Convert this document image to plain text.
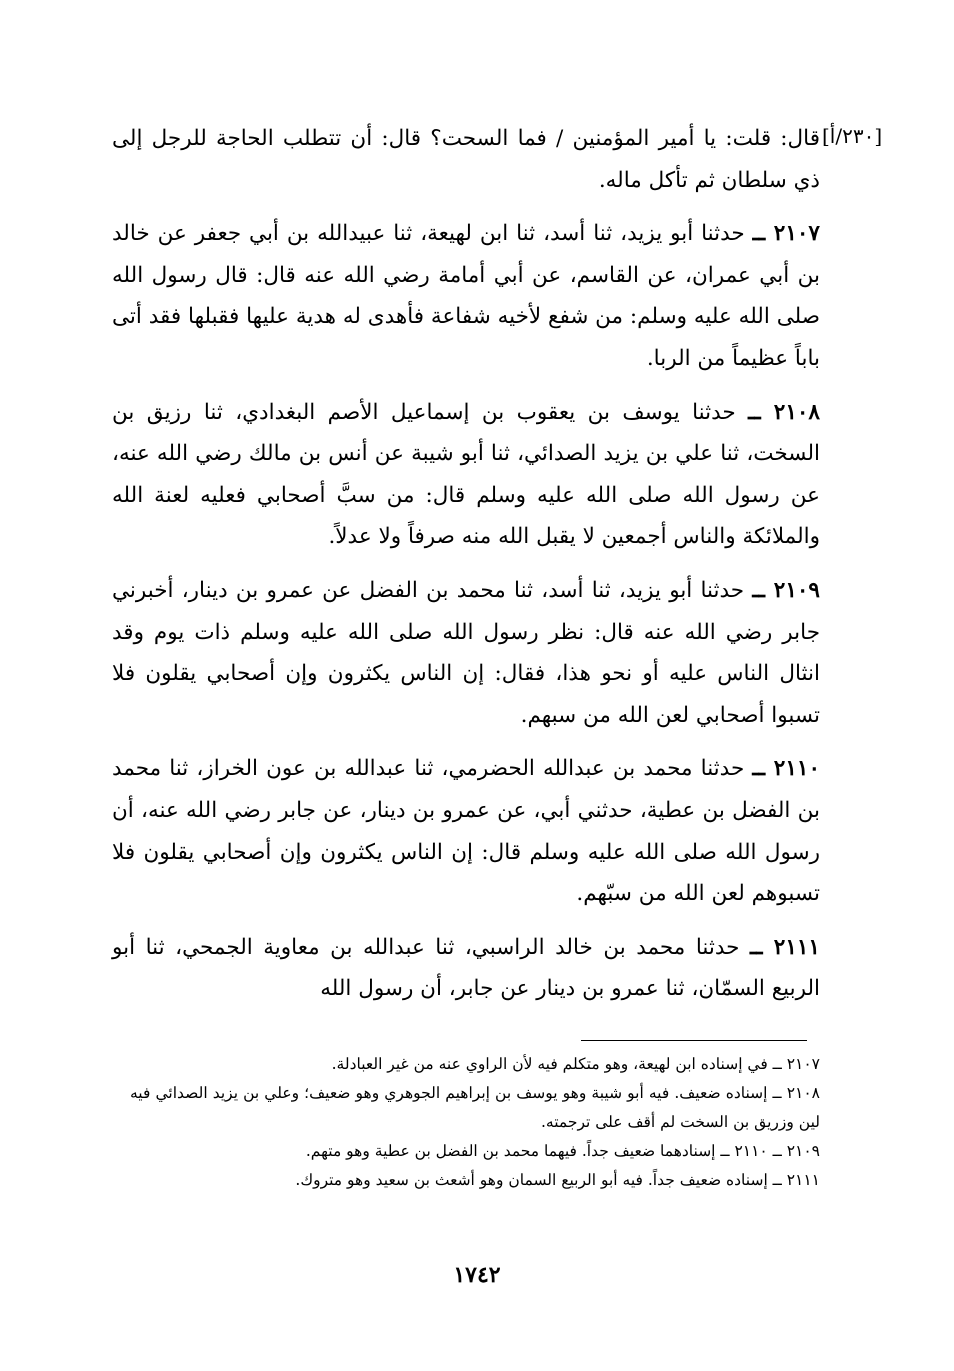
[٢٣٠/أ]

قال: قلت: يا أمير المؤمنين / فما السحت؟ قال: أن تتطلب الحاجة للرجل إلى ذي سلطان ثم تأكل ماله.

٢١٠٧ ــ حدثنا أبو يزيد، ثنا أسد، ثنا ابن لهيعة، ثنا عبيدالله بن أبي جعفر عن خالد بن أبي عمران، عن القاسم، عن أبي أمامة رضي الله عنه قال: قال رسول الله صلى الله عليه وسلم: من شفع لأخيه شفاعة فأهدى له هدية عليها فقبلها فقد أتى باباً عظيماً من الربا.

٢١٠٨ ــ حدثنا يوسف بن يعقوب بن إسماعيل الأصم البغدادي، ثنا رزيق بن السخت، ثنا علي بن يزيد الصدائي، ثنا أبو شيبة عن أنس بن مالك رضي الله عنه، عن رسول الله صلى الله عليه وسلم قال: من سبَّ أصحابي فعليه لعنة الله والملائكة والناس أجمعين لا يقبل الله منه صرفاً ولا عدلاً.

٢١٠٩ ــ حدثنا أبو يزيد، ثنا أسد، ثنا محمد بن الفضل عن عمرو بن دينار، أخبرني جابر رضي الله عنه قال: نظر رسول الله صلى الله عليه وسلم ذات يوم وقد انثال الناس عليه أو نحو هذا، فقال: إن الناس يكثرون وإن أصحابي يقلون فلا تسبوا أصحابي لعن الله من سبهم.

٢١١٠ ــ حدثنا محمد بن عبدالله الحضرمي، ثنا عبدالله بن عون الخراز، ثنا محمد بن الفضل بن عطية، حدثني أبي، عن عمرو بن دينار، عن جابر رضي الله عنه، أن رسول الله صلى الله عليه وسلم قال: إن الناس يكثرون وإن أصحابي يقلون فلا تسبوهم لعن الله من سبّهم.

٢١١١ ــ حدثنا محمد بن خالد الراسبي، ثنا عبدالله بن معاوية الجمحي، ثنا أبو الربيع السمّان، ثنا عمرو بن دينار عن جابر، أن رسول الله

٢١٠٧ ــ في إسناده ابن لهيعة، وهو متكلم فيه لأن الراوي عنه من غير العبادلة.

٢١٠٨ ــ إسناده ضعيف. فيه أبو شيبة وهو يوسف بن إبراهيم الجوهري وهو ضعيف؛ وعلي بن يزيد الصدائي فيه لين وزريق بن السخت لم أقف على ترجمته.

٢١٠٩ ــ ٢١١٠ ــ إسنادهما ضعيف جداً. فيهما محمد بن الفضل بن عطية وهو متهم.

٢١١١ ــ إسناده ضعيف جداً. فيه أبو الربيع السمان وهو أشعث بن سعيد وهو متروك.

١٧٤٢
